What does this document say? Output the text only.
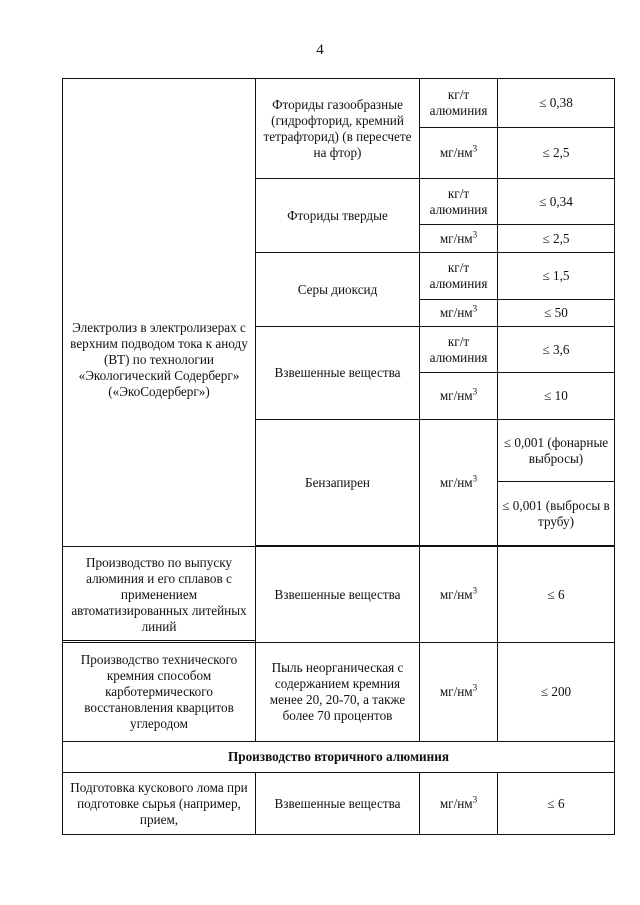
4
Электролиз в электролизерах с верхним подводом тока к аноду (ВТ) по технологии «Экологический Содерберг» («ЭкоСодерберг»)	Фториды газообразные (гидрофторид, кремний тетрафторид) (в пересчете на фтор)	кг/т алюминия	≤ 0,38
		$мг/нм^3$	≤ 2,5
	Фториды твердые	кг/т алюминия	≤ 0,34
		$мг/нм^3$	≤ 2,5
	Серы диоксид	кг/т алюминия	≤ 1,5
		$мг/нм^3$	≤ 50
	Взвешенные вещества	кг/т алюминия	≤ 3,6
		$мг/нм^3$	≤ 10
	Бензапирен	$мг/нм^3$	≤ 0,001 (фонарные выбросы)
			≤ 0,001 (выбросы в трубу)

Производство по выпуску алюминия и его сплавов с применением автоматизированных литейных линий	Взвешенные вещества	$мг/нм^3$	≤ 6
Производство технического кремния способом карботермического восстановления кварцитов углеродом	Пыль неорганическая с содержанием кремния менее 20, 20-70, а также более 70 процентов	$мг/нм^3$	≤ 200
Производство вторичного алюминия			
Подготовка кускового лома при подготовке сырья (например, прием,	Взвешенные вещества	$мг/нм^3$	≤ 6
